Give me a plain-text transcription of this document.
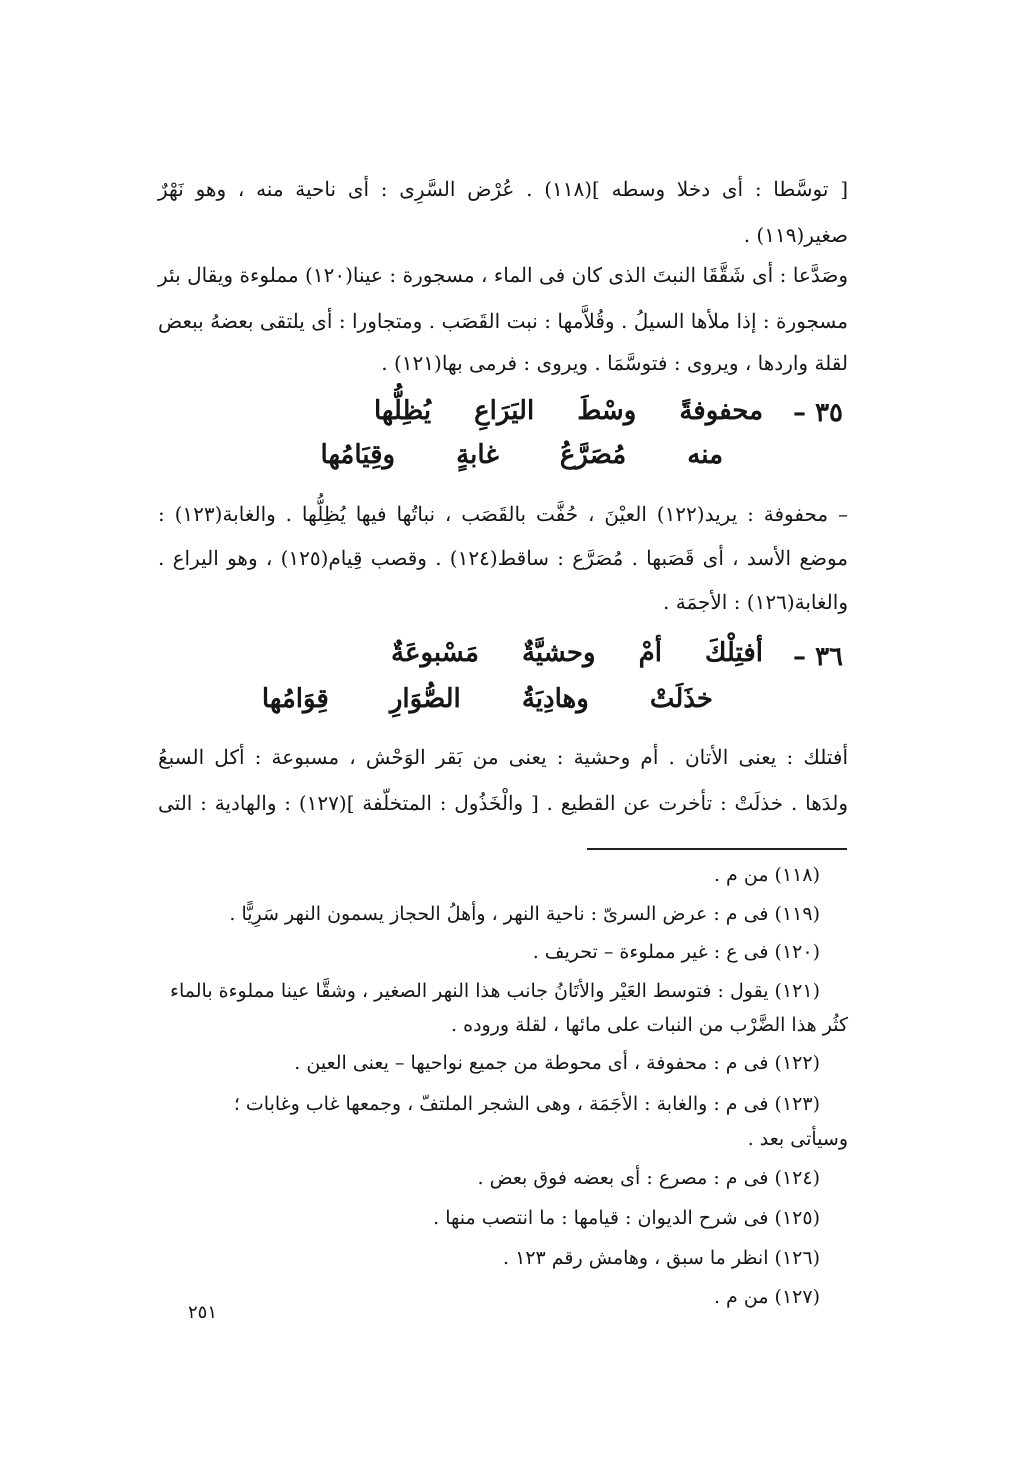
[ توسَّطا : أى دخلا وسطه ](١١٨) . عُرْض السَّرِى : أى ناحية منه ، وهو نَهْرٌ
صغير(١١٩) .
وصَدَّعا : أى شَقَّقَا النبتَ الذى كان فى الماء ، مسجورة : عينا(١٢٠) مملوءة ويقال بئر
مسجورة : إذا ملأها السيلُ . وقُلاَّمها : نبت القَصَب . ومتجاورا : أى يلتقى بعضهُ ببعض
لقلة واردها ، ويروى : فتوسَّمَا . ويروى : فرمى بها(١٢١) .
٣٥ –
محفوفةً وسْطَ اليَرَاعِ يُظِلُّها
منه مُصَرَّعُ غابةٍ وقِيَامُها
– محفوفة : يريد(١٢٢) العيْنَ ، حُفَّت بالقَصَب ، نباتُها فيها يُظِلُّها . والغابة(١٢٣) :
موضع الأسد ، أى قَصَبها . مُصَرَّع : ساقط(١٢٤) . وقصب قِيام(١٢٥) ، وهو اليراع .
والغابة(١٢٦) : الأجمَة .
٣٦ –
أفتِلْكَ أمْ وحشيَّةٌ مَسْبوعَةٌ
خذَلَتْ وهادِيَةُ الصُّوَارِ قِوَامُها
أفتلك : يعنى الأتان . أم وحشية : يعنى من بَقر الوَحْش ، مسبوعة : أكل السبعُ
ولدَها . خذلَتْ : تأخرت عن القطيع . [ والْخَذُول : المتخلّفة ](١٢٧) : والهادية : التى
(١١٨) من م .
(١١٩) فى م : عرض السرىّ : ناحية النهر ، وأهلُ الحجاز يسمون النهر سَرِيًّا .
(١٢٠) فى ع : غير مملوءة – تحريف .
(١٢١) يقول : فتوسط العَيْر والأتَانُ جانب هذا النهر الصغير ، وشقَّا عينا مملوءة بالماء
كثُر هذا الضَّرْب من النبات على مائها ، لقلة وروده .
(١٢٢) فى م : محفوفة ، أى محوطة من جميع نواحيها – يعنى العين .
(١٢٣) فى م : والغابة : الأجَمَة ، وهى الشجر الملتفّ ، وجمعها غاب وغابات ؛
وسيأتى بعد .
(١٢٤) فى م : مصرع : أى بعضه فوق بعض .
(١٢٥) فى شرح الديوان : قيامها : ما انتصب منها .
(١٢٦) انظر ما سبق ، وهامش رقم ١٢٣ .
(١٢٧) من م .
٢٥١
